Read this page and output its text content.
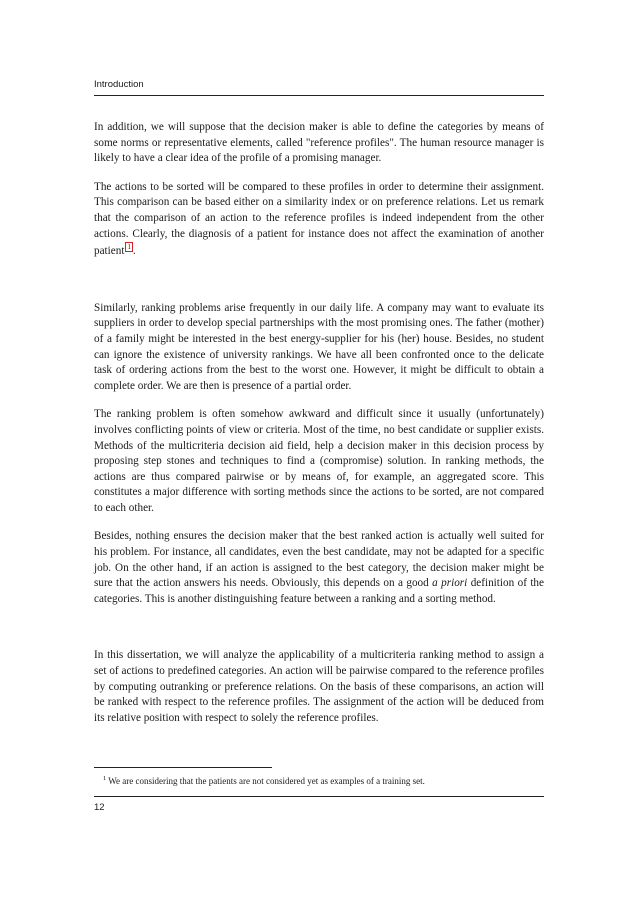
Introduction

In addition, we will suppose that the decision maker is able to define the categories by means of some norms or representative elements, called "reference profiles". The human resource manager is likely to have a clear idea of the profile of a promising manager.

The actions to be sorted will be compared to these profiles in order to determine their assignment. This comparison can be based either on a similarity index or on preference relations. Let us remark that the comparison of an action to the reference profiles is indeed independent from the other actions. Clearly, the diagnosis of a patient for instance does not affect the examination of another patient 1 .

Similarly, ranking problems arise frequently in our daily life. A company may want to evaluate its suppliers in order to develop special partnerships with the most promising ones. The father (mother) of a family might be interested in the best energy-supplier for his (her) house. Besides, no student can ignore the existence of university rankings. We have all been confronted once to the delicate task of ordering actions from the best to the worst one. However, it might be difficult to obtain a complete order. We are then is presence of a partial order.

The ranking problem is often somehow awkward and difficult since it usually (unfortunately) involves conflicting points of view or criteria. Most of the time, no best candidate or supplier exists. Methods of the multicriteria decision aid field, help a decision maker in this decision process by proposing step stones and techniques to find a (compromise) solution. In ranking methods, the actions are thus compared pairwise or by means of, for example, an aggregated score. This constitutes a major difference with sorting methods since the actions to be sorted, are not compared to each other.

Besides, nothing ensures the decision maker that the best ranked action is actually well suited for his problem. For instance, all candidates, even the best candidate, may not be adapted for a specific job. On the other hand, if an action is assigned to the best category, the decision maker might be sure that the action answers his needs. Obviously, this depends on a good a priori definition of the categories. This is another distinguishing feature between a ranking and a sorting method.

In this dissertation, we will analyze the applicability of a multicriteria ranking method to assign a set of actions to predefined categories. An action will be pairwise compared to the reference profiles by computing outranking or preference relations. On the basis of these comparisons, an action will be ranked with respect to the reference profiles. The assignment of the action will be deduced from its relative position with respect to solely the reference profiles.

$^1$ We are considering that the patients are not considered yet as examples of a training set.
12
